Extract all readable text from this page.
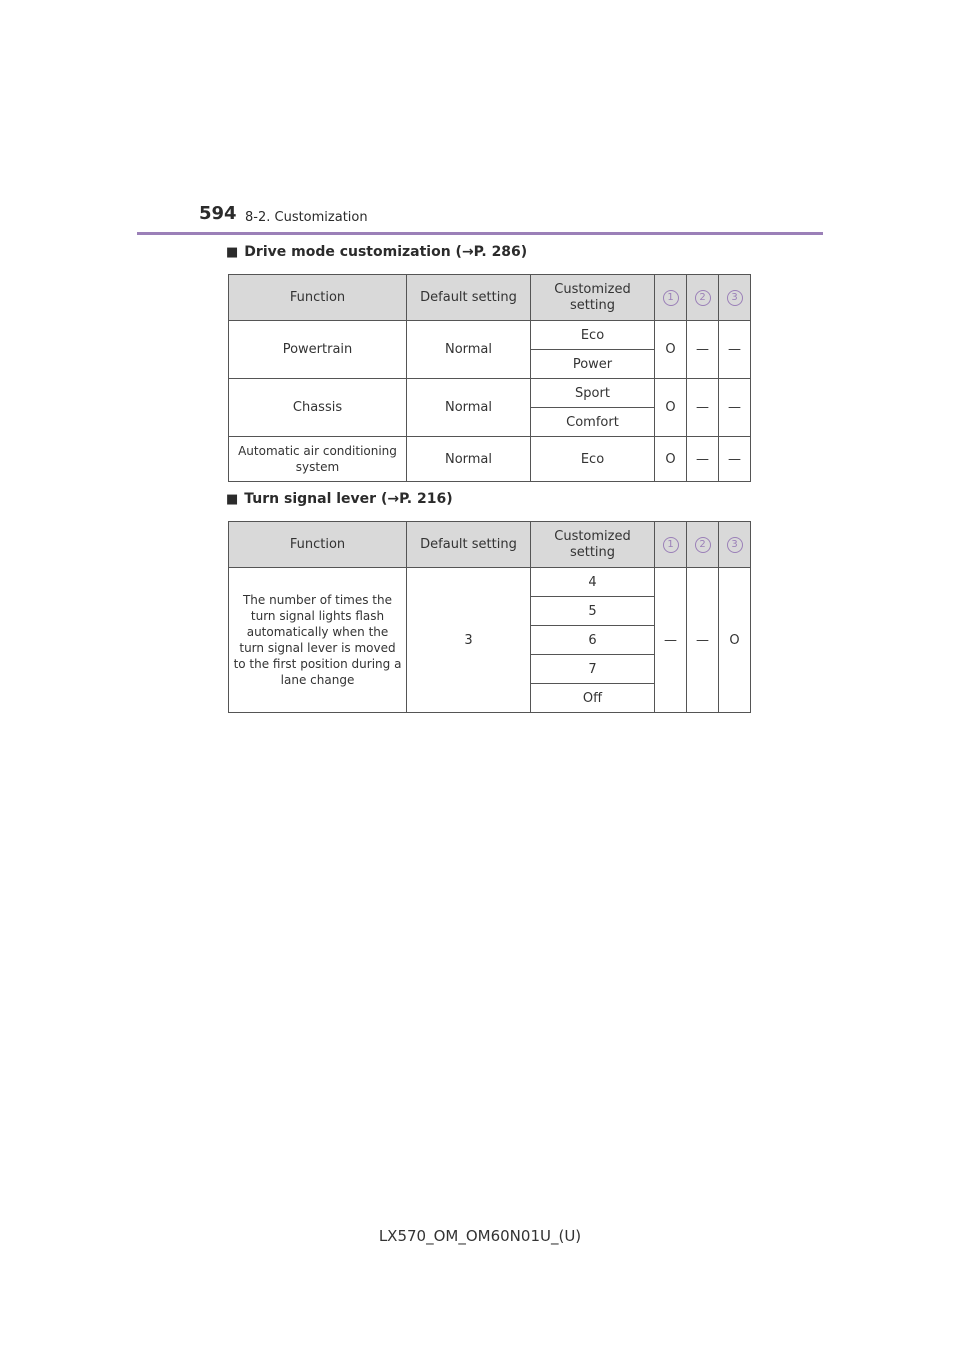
594 8-2. Customization
■ Drive mode customization (→P. 286)
Function	Default setting	Customized setting	1	2	3
Powertrain	Normal	Eco	O	—	—
		Power			
Chassis	Normal	Sport	O	—	—
		Comfort			
Automatic air conditioning system	Normal	Eco	O	—	—
■ Turn signal lever (→P. 216)
Function	Default setting	Customized setting	1	2	3
The number of times the turn signal lights flash automatically when the turn signal lever is moved to the first position during a lane change	3	4	—	—	O
		5			
		6			
		7			
		Off			
LX570_OM_OM60N01U_(U)
